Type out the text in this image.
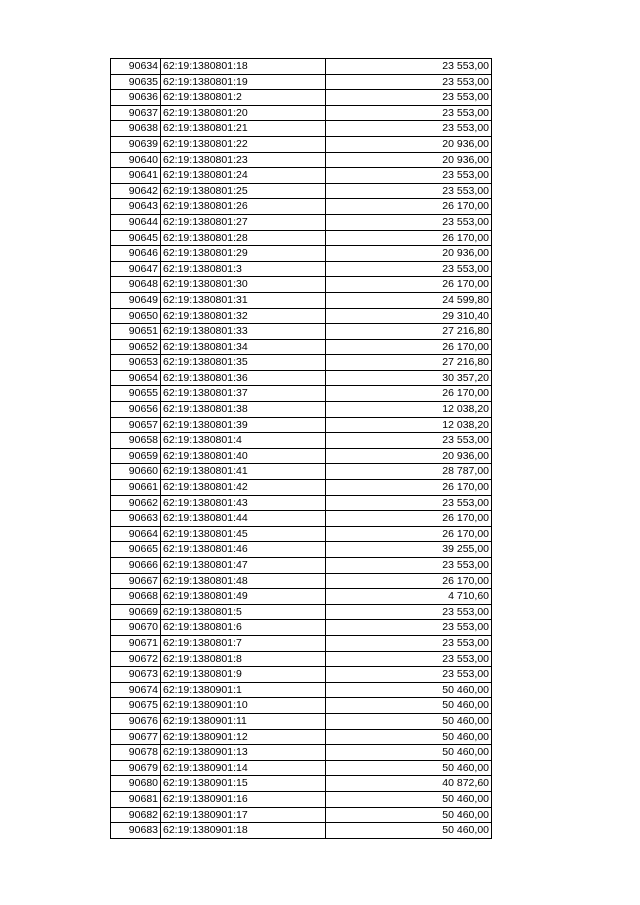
90634	62:19:1380801:18	23 553,00
90635	62:19:1380801:19	23 553,00
90636	62:19:1380801:2	23 553,00
90637	62:19:1380801:20	23 553,00
90638	62:19:1380801:21	23 553,00
90639	62:19:1380801:22	20 936,00
90640	62:19:1380801:23	20 936,00
90641	62:19:1380801:24	23 553,00
90642	62:19:1380801:25	23 553,00
90643	62:19:1380801:26	26 170,00
90644	62:19:1380801:27	23 553,00
90645	62:19:1380801:28	26 170,00
90646	62:19:1380801:29	20 936,00
90647	62:19:1380801:3	23 553,00
90648	62:19:1380801:30	26 170,00
90649	62:19:1380801:31	24 599,80
90650	62:19:1380801:32	29 310,40
90651	62:19:1380801:33	27 216,80
90652	62:19:1380801:34	26 170,00
90653	62:19:1380801:35	27 216,80
90654	62:19:1380801:36	30 357,20
90655	62:19:1380801:37	26 170,00
90656	62:19:1380801:38	12 038,20
90657	62:19:1380801:39	12 038,20
90658	62:19:1380801:4	23 553,00
90659	62:19:1380801:40	20 936,00
90660	62:19:1380801:41	28 787,00
90661	62:19:1380801:42	26 170,00
90662	62:19:1380801:43	23 553,00
90663	62:19:1380801:44	26 170,00
90664	62:19:1380801:45	26 170,00
90665	62:19:1380801:46	39 255,00
90666	62:19:1380801:47	23 553,00
90667	62:19:1380801:48	26 170,00
90668	62:19:1380801:49	4 710,60
90669	62:19:1380801:5	23 553,00
90670	62:19:1380801:6	23 553,00
90671	62:19:1380801:7	23 553,00
90672	62:19:1380801:8	23 553,00
90673	62:19:1380801:9	23 553,00
90674	62:19:1380901:1	50 460,00
90675	62:19:1380901:10	50 460,00
90676	62:19:1380901:11	50 460,00
90677	62:19:1380901:12	50 460,00
90678	62:19:1380901:13	50 460,00
90679	62:19:1380901:14	50 460,00
90680	62:19:1380901:15	40 872,60
90681	62:19:1380901:16	50 460,00
90682	62:19:1380901:17	50 460,00
90683	62:19:1380901:18	50 460,00
